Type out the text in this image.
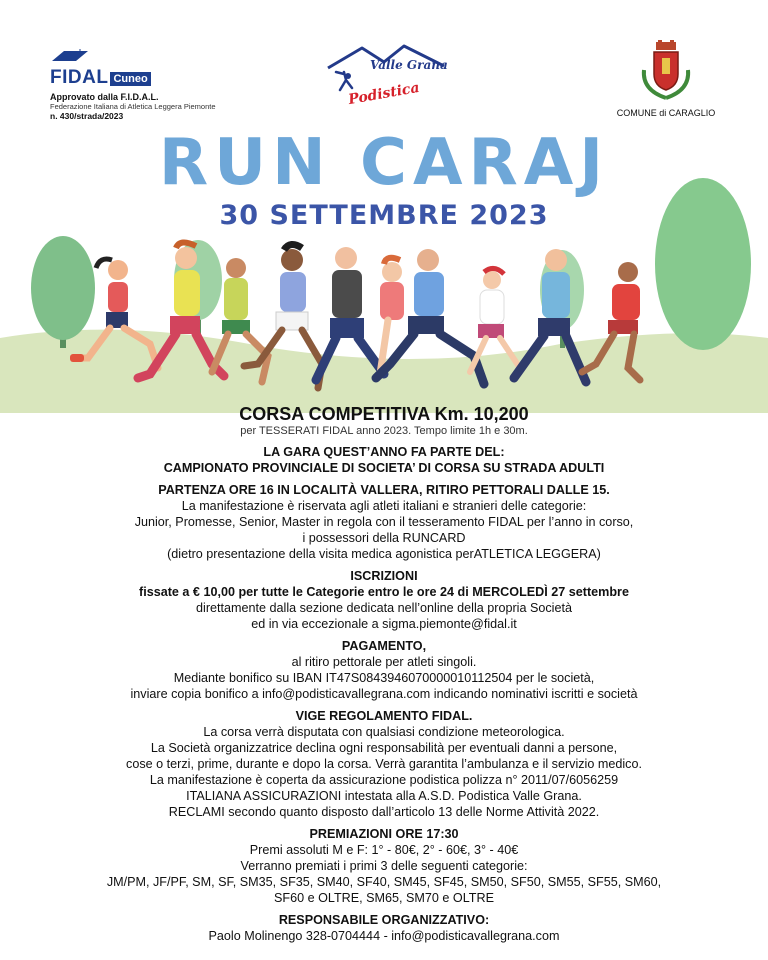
FIDAL Cuneo
Approvato dalla F.I.D.A.L.
Federazione Italiana di Atletica Leggera Piemonte
n. 430/strada/2023
Valle Grana
Podistica
COMUNE di CARAGLIO
RUN CARAJ
30 SETTEMBRE 2023
CORSA COMPETITIVA Km. 10,200
per TESSERATI FIDAL anno 2023. Tempo limite 1h e 30m.
LA GARA QUEST’ANNO FA PARTE DEL:
CAMPIONATO PROVINCIALE DI SOCIETA’ DI CORSA SU STRADA ADULTI
PARTENZA ORE 16 IN LOCALITÀ VALLERA, RITIRO PETTORALI DALLE 15.
La manifestazione è riservata agli atleti italiani e stranieri delle categorie:
Junior, Promesse, Senior, Master in regola con il tesseramento FIDAL per l’anno in corso,
i possessori della RUNCARD
(dietro presentazione della visita medica agonistica perATLETICA LEGGERA)
ISCRIZIONI
fissate a € 10,00 per tutte le Categorie entro le ore 24 di MERCOLEDÌ 27 settembre
direttamente dalla sezione dedicata nell’online della propria Società
ed in via eccezionale a sigma.piemonte@fidal.it
PAGAMENTO,
al ritiro pettorale per atleti singoli.
Mediante bonifico su IBAN IT47S0843946070000010112504 per le società,
inviare copia bonifico a info@podisticavallegrana.com indicando nominativi iscritti e società
VIGE REGOLAMENTO FIDAL.
La corsa verrà disputata con qualsiasi condizione meteorologica.
La Società organizzatrice declina ogni responsabilità per eventuali danni a persone,
cose o terzi, prime, durante e dopo la corsa. Verrà garantita l’ambulanza e il servizio medico.
La manifestazione è coperta da assicurazione podistica polizza n° 2011/07/6056259
ITALIANA ASSICURAZIONI intestata alla A.S.D. Podistica Valle Grana.
RECLAMI secondo quanto disposto dall’articolo 13 delle Norme Attività 2022.
PREMIAZIONI ORE 17:30
Premi assoluti M e F: 1° - 80€, 2° - 60€, 3° - 40€
Verranno premiati i primi 3 delle seguenti categorie:
JM/PM, JF/PF, SM, SF, SM35, SF35, SM40, SF40, SM45, SF45, SM50, SF50, SM55, SF55, SM60,
SF60 e OLTRE, SM65, SM70 e OLTRE
RESPONSABILE ORGANIZZATIVO:
Paolo Molinengo 328-0704444 - info@podisticavallegrana.com
